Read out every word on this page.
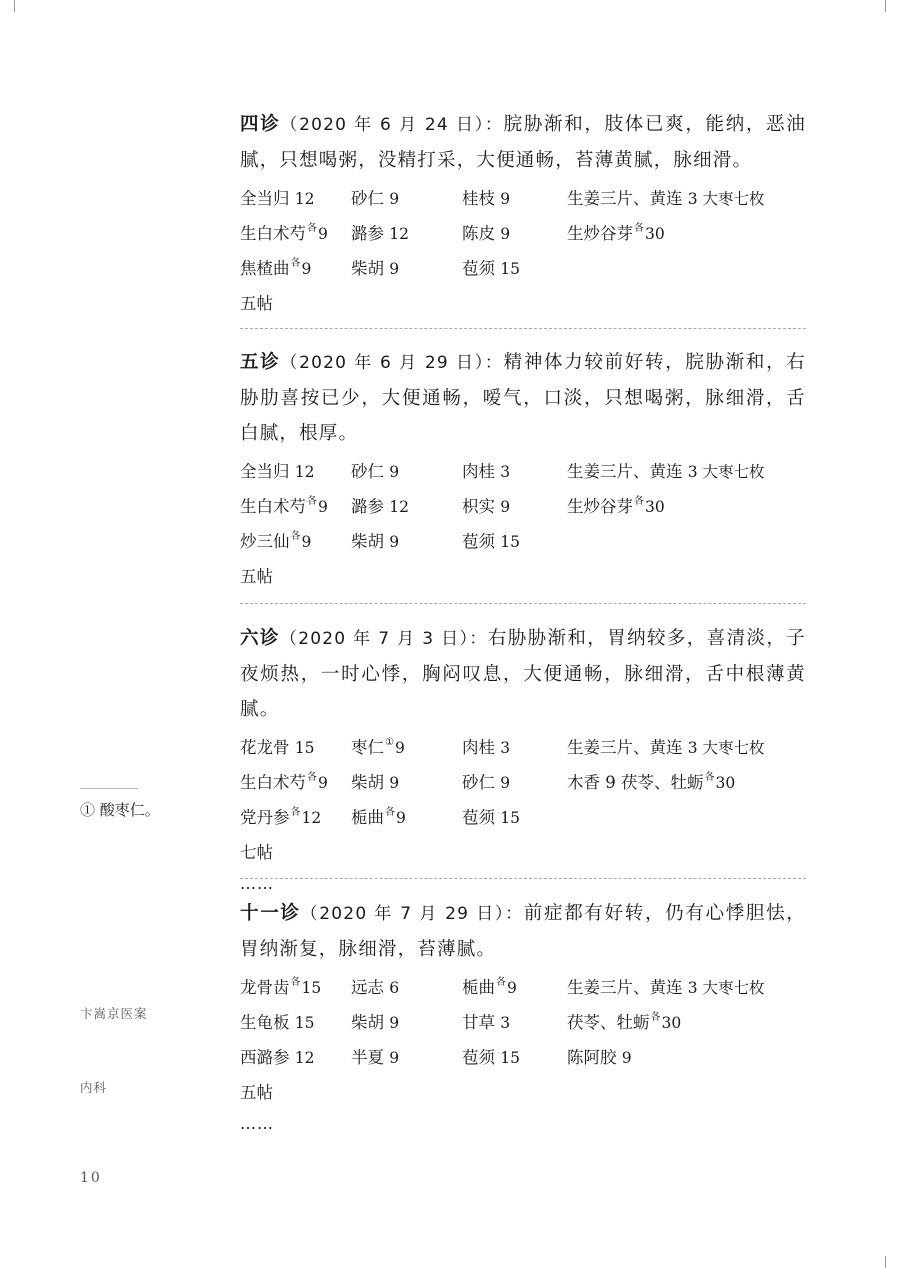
四诊（2020 年 6 月 24 日）：脘胁渐和，肢体已爽，能纳，恶油腻，只想喝粥，没精打采，大便通畅，苔薄黄腻，脉细滑。

全当归 12 砂仁 9	桂枝 9	生姜三片、黄连 3 大枣七枚
生白术芍$^各$9 潞参 12	陈皮 9	生炒谷芽$^各$30
焦楂曲$^各$9 柴胡 9	苞须 15
五帖

五诊（2020 年 6 月 29 日）：精神体力较前好转，脘胁渐和，右胁肋喜按已少，大便通畅，嗳气，口淡，只想喝粥，脉细滑，舌白腻，根厚。

全当归 12 砂仁 9	肉桂 3	生姜三片、黄连 3 大枣七枚
生白术芍$^各$9 潞参 12	枳实 9	生炒谷芽$^各$30
炒三仙$^各$9 柴胡 9	苞须 15
五帖

六诊（2020 年 7 月 3 日）：右胁胁渐和，胃纳较多，喜清淡，子夜烦热，一时心悸，胸闷叹息，大便通畅，脉细滑，舌中根薄黄腻。

花龙骨 15 枣仁①9	肉桂 3	生姜三片、黄连 3 大枣七枚
生白术芍$^各$9 柴胡 9	砂仁 9	木香 9 茯苓、牡蛎$^各$30
党丹参$^各$12 栀曲$^各$9	苞须 15
七帖
……

十一诊（2020 年 7 月 29 日）：前症都有好转，仍有心悸胆怯，胃纳渐复，脉细滑，苔薄腻。

龙骨齿$^各$15 远志 6	栀曲$^各$9	生姜三片、黄连 3 大枣七枚
生龟板 15 柴胡 9	甘草 3	茯苓、牡蛎$^各$30
西潞参 12 半夏 9	苞须 15	陈阿胶 9
五帖
……
① 酸枣仁。
卞嵩京医案
内科
10
